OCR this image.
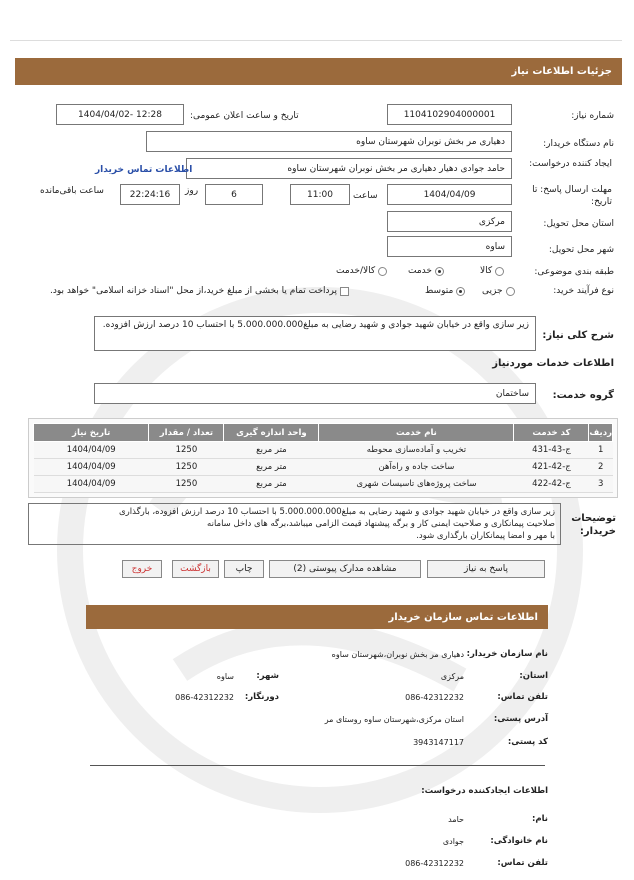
جزئیات اطلاعات نیاز
شماره نیاز:
1104102904000001
تاریخ و ساعت اعلان عمومی:
1404/04/02- 12:28
نام دستگاه خریدار:
دهیاری مر بخش نوبران شهرستان ساوه
ایجاد کننده درخواست:
حامد جوادی دهیار دهیاری مر بخش نوبران شهرستان ساوه
اطلاعات تماس خریدار
مهلت ارسال پاسخ: تا تاریخ:
1404/04/09
ساعت
11:00
6
روز
22:24:16
ساعت باقی‌مانده
استان محل تحویل:
مرکزی
شهر محل تحویل:
ساوه
طبقه بندی موضوعی:
کالا
خدمت
کالا/خدمت
نوع فرآیند خرید:
جزیی
متوسط
پرداخت تمام یا بخشی از مبلغ خرید،از محل "اسناد خزانه اسلامی" خواهد بود.
شرح کلی نیاز:
زیر سازی واقع در خیابان شهید جوادی و شهید رضایی به مبلغ5.000.000.000 با احتساب 10 درصد ارزش افزوده.
اطلاعات خدمات موردنیاز
گروه خدمت:
ساختمان
ردیف	کد خدمت	نام خدمت	واحد اندازه گیری	تعداد / مقدار	تاریخ نیاز
1	ج-43-431	تخریب و آماده‌سازی محوطه	متر مربع	1250	1404/04/09
2	ج-42-421	ساخت جاده و راه‌آهن	متر مربع	1250	1404/04/09
3	ج-42-422	ساخت پروژه‌های تاسیسات شهری	متر مربع	1250	1404/04/09
توضیحات خریدار:
زیر سازی واقع در خیابان شهید جوادی و شهید رضایی به مبلغ5.000.000.000 با احتساب 10 درصد ارزش افزوده، بارگذاری
صلاحیت پیمانکاری و صلاحیت ایمنی کار و برگه پیشنهاد قیمت الزامی میباشد،برگه های داخل سامانه
با مهر و امضا پیمانکاران بارگذاری شود.
پاسخ به نیاز
مشاهده مدارک پیوستی (2)
چاپ
بازگشت
خروج
اطلاعات تماس سازمان خریدار
نام سازمان خریدار:
دهیاری مر بخش نوبران،شهرستان ساوه
استان:
مرکزی
شهر:
ساوه
تلفن تماس:
086-42312232
دورنگار:
086-42312232
آدرس پستی:
استان مرکزی،شهرستان ساوه روستای مر
کد پستی:
3943147117
اطلاعات ایجادکننده درخواست:
نام:
حامد
نام خانوادگی:
جوادی
تلفن تماس:
086-42312232
